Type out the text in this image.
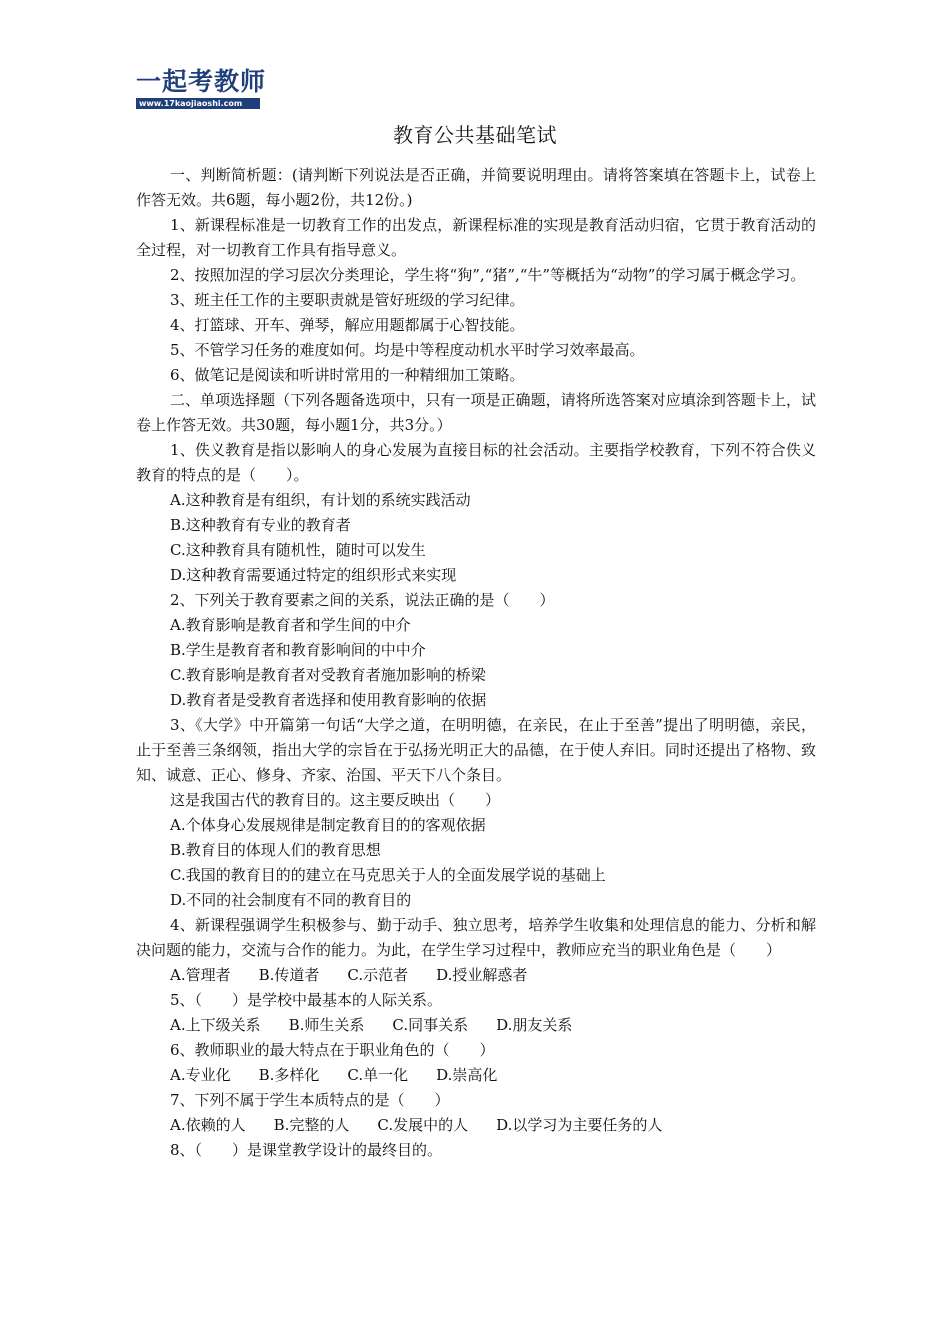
一起考教师
www.17kaojiaoshi.com
教育公共基础笔试

一、判断简析题：(请判断下列说法是否正确，并简要说明理由。请将答案填在答题卡上，试卷上作答无效。共6题，每小题2份，共12份。)

1、新课程标准是一切教育工作的出发点，新课程标准的实现是教育活动归宿，它贯于教育活动的全过程，对一切教育工作具有指导意义。

2、按照加涅的学习层次分类理论，学生将“狗”,“猪”,“牛”等概括为“动物”的学习属于概念学习。

3、班主任工作的主要职责就是管好班级的学习纪律。

4、打篮球、开车、弹琴，解应用题都属于心智技能。

5、不管学习任务的难度如何。均是中等程度动机水平时学习效率最高。

6、做笔记是阅读和听讲时常用的一种精细加工策略。

二、单项选择题（下列各题备选项中，只有一项是正确题，请将所选答案对应填涂到答题卡上，试卷上作答无效。共30题，每小题1分，共3分。）

1、佚义教育是指以影响人的身心发展为直接目标的社会活动。主要指学校教育，下列不符合佚义教育的特点的是（　　）。

A.这种教育是有组织，有计划的系统实践活动

B.这种教育有专业的教育者

C.这种教育具有随机性，随时可以发生

D.这种教育需要通过特定的组织形式来实现

2、下列关于教育要素之间的关系，说法正确的是（　　）

A.教育影响是教育者和学生间的中介

B.学生是教育者和教育影响间的中中介

C.教育影响是教育者对受教育者施加影响的桥梁

D.教育者是受教育者选择和使用教育影响的依据

3、《大学》中开篇第一句话“大学之道，在明明德，在亲民，在止于至善”提出了明明德，亲民，止于至善三条纲领，指出大学的宗旨在于弘扬光明正大的品德，在于使人弃旧。同时还提出了格物、致知、诚意、正心、修身、齐家、治国、平天下八个条目。

这是我国古代的教育目的。这主要反映出（　　）

A.个体身心发展规律是制定教育目的的客观依据

B.教育目的体现人们的教育思想

C.我国的教育目的的建立在马克思关于人的全面发展学说的基础上

D.不同的社会制度有不同的教育目的

4、新课程强调学生积极参与、勤于动手、独立思考，培养学生收集和处理信息的能力、分析和解决问题的能力，交流与合作的能力。为此，在学生学习过程中，教师应充当的职业角色是（　　）

A.管理者 B.传道者 C.示范者 D.授业解惑者

5、（　　）是学校中最基本的人际关系。

A.上下级关系 B.师生关系 C.同事关系 D.朋友关系

6、教师职业的最大特点在于职业角色的（　　）

A.专业化 B.多样化 C.单一化 D.崇高化

7、下列不属于学生本质特点的是（　　）

A.依赖的人 B.完整的人 C.发展中的人 D.以学习为主要任务的人

8、（　　）是课堂教学设计的最终目的。
